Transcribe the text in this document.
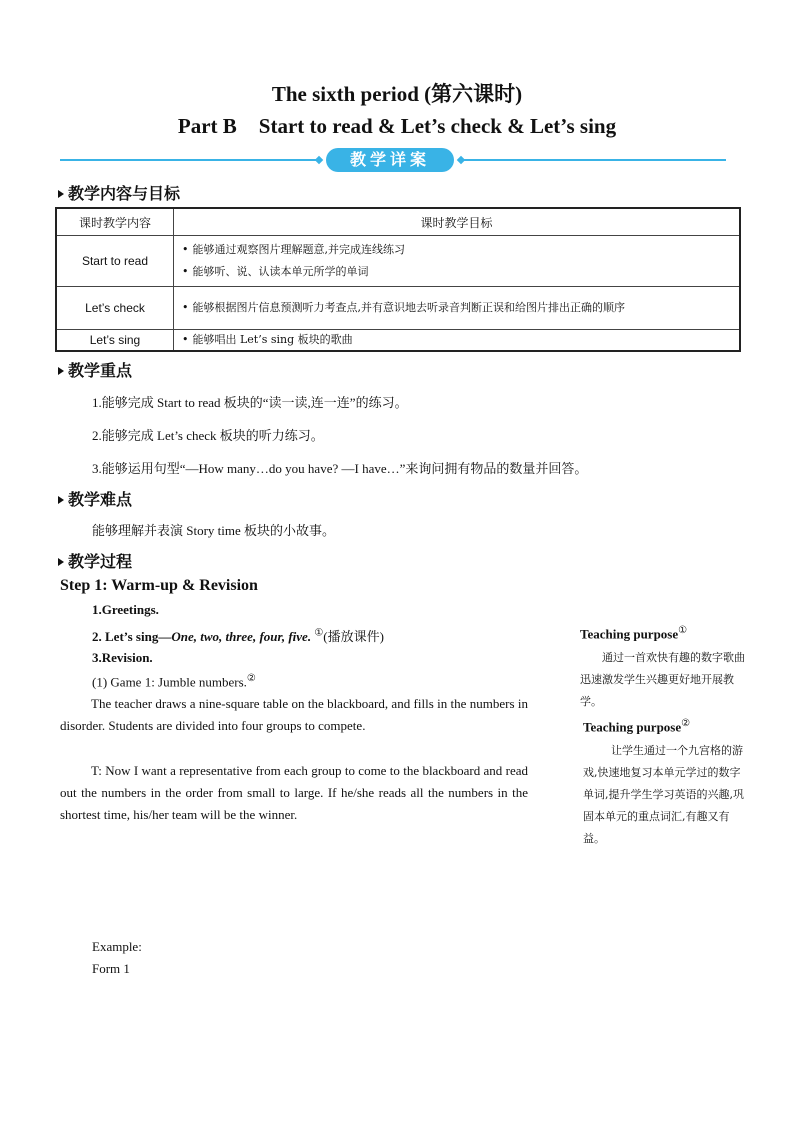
The sixth period (第六课时)
Part B Start to read & Let’s check & Let’s sing
教学详案
教学内容与目标
课时教学内容	课时教学目标
Start to read	• 能够通过观察图片理解题意,并完成连线练习
• 能够听、说、认读本单元所学的单词

Let’s check	• 能够根据图片信息预测听力考查点,并有意识地去听录音判断正误和给图片排出正确的顺序

Let’s sing	• 能够唱出 Let’s sing 板块的歌曲
教学重点
1.能够完成 Start to read 板块的“读一读,连一连”的练习。
2.能够完成 Let’s check 板块的听力练习。
3.能够运用句型“—How many…do you have? —I have…”来询问拥有物品的数量并回答。
教学难点
能够理解并表演 Story time 板块的小故事。
教学过程
Step 1: Warm-up & Revision
1.Greetings.
2. Let’s sing—One, two, three, four, five. ①(播放课件)
3.Revision.
(1) Game 1: Jumble numbers.②
The teacher draws a nine-square table on the blackboard, and fills in the numbers in disorder. Students are divided into four groups to compete.
T: Now I want a representative from each group to come to the blackboard and read out the numbers in the order from small to large. If he/she reads all the numbers in the shortest time, his/her team will be the winner.
Example:
Form 1
Teaching purpose①
通过一首欢快有趣的数字歌曲迅速激发学生兴趣更好地开展教学。
Teaching purpose②
让学生通过一个九宫格的游戏,快速地复习本单元学过的数字单词,提升学生学习英语的兴趣,巩固本单元的重点词汇,有趣又有益。
